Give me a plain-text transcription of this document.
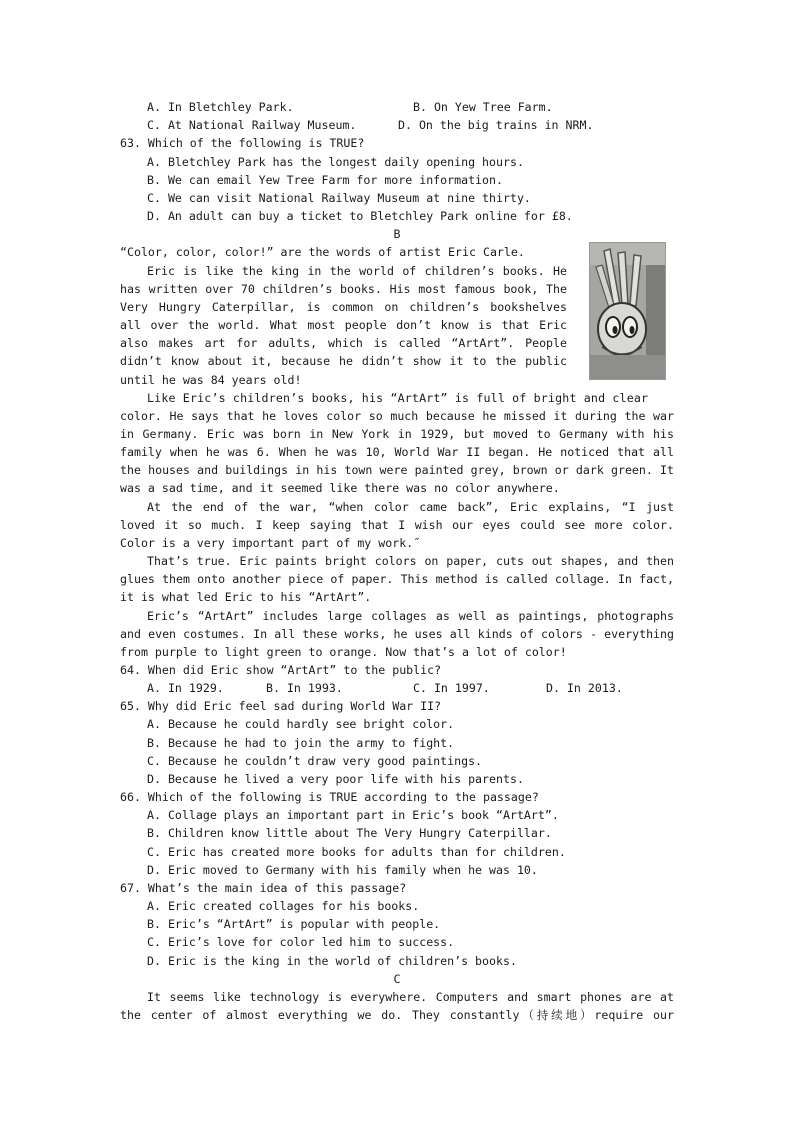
A. In Bletchley Park.	B. On Yew Tree Farm.
C. At National Railway Museum.	D. On the big trains in NRM.
63. Which of the following is TRUE?
A. Bletchley Park has the longest daily opening hours.
B. We can email Yew Tree Farm for more information.
C. We can visit National Railway Museum at nine thirty.
D. An adult can buy a ticket to Bletchley Park online for £8.
B
“Color, color, color!” are the words of artist Eric Carle.
Eric is like the king in the world of children’s books. He
has written over 70 children’s books. His most famous book, The
Very Hungry Caterpillar, is common on children’s bookshelves
all over the world. What most people don’t know is that Eric
also makes art for adults, which is called “ArtArt”. People
didn’t know about it, because he didn’t show it to the public
until he was 84 years old!
Like Eric’s children’s books, his “ArtArt” is full of bright and clear
color. He says that he loves color so much because he missed it during the war
in Germany. Eric was born in New York in 1929, but moved to Germany with his
family when he was 6. When he was 10, World War II began. He noticed that all
the houses and buildings in his town were painted grey, brown or dark green. It
was a sad time, and it seemed like there was no color anywhere.
At the end of the war, “when color came back”, Eric explains, “I just
loved it so much. I keep saying that I wish our eyes could see more color.
Color is a very important part of my work.˝
That’s true. Eric paints bright colors on paper, cuts out shapes, and then
glues them onto another piece of paper. This method is called collage. In fact,
it is what led Eric to his “ArtArt”.
Eric’s “ArtArt” includes large collages as well as paintings, photographs
and even costumes. In all these works, he uses all kinds of colors - everything
from purple to light green to orange. Now that’s a lot of color!
64. When did Eric show “ArtArt” to the public?
A. In 1929.	B. In 1993.	C. In 1997.	D. In 2013.
65. Why did Eric feel sad during World War II?
A. Because he could hardly see bright color.
B. Because he had to join the army to fight.
C. Because he couldn’t draw very good paintings.
D. Because he lived a very poor life with his parents.
66. Which of the following is TRUE according to the passage?
A. Collage plays an important part in Eric’s book “ArtArt”.
B. Children know little about The Very Hungry Caterpillar.
C. Eric has created more books for adults than for children.
D. Eric moved to Germany with his family when he was 10.
67. What’s the main idea of this passage?
A. Eric created collages for his books.
B. Eric’s “ArtArt” is popular with people.
C. Eric’s love for color led him to success.
D. Eric is the king in the world of children’s books.
C
It seems like technology is everywhere. Computers and smart phones are at
the center of almost everything we do. They constantly（持续地）require our
